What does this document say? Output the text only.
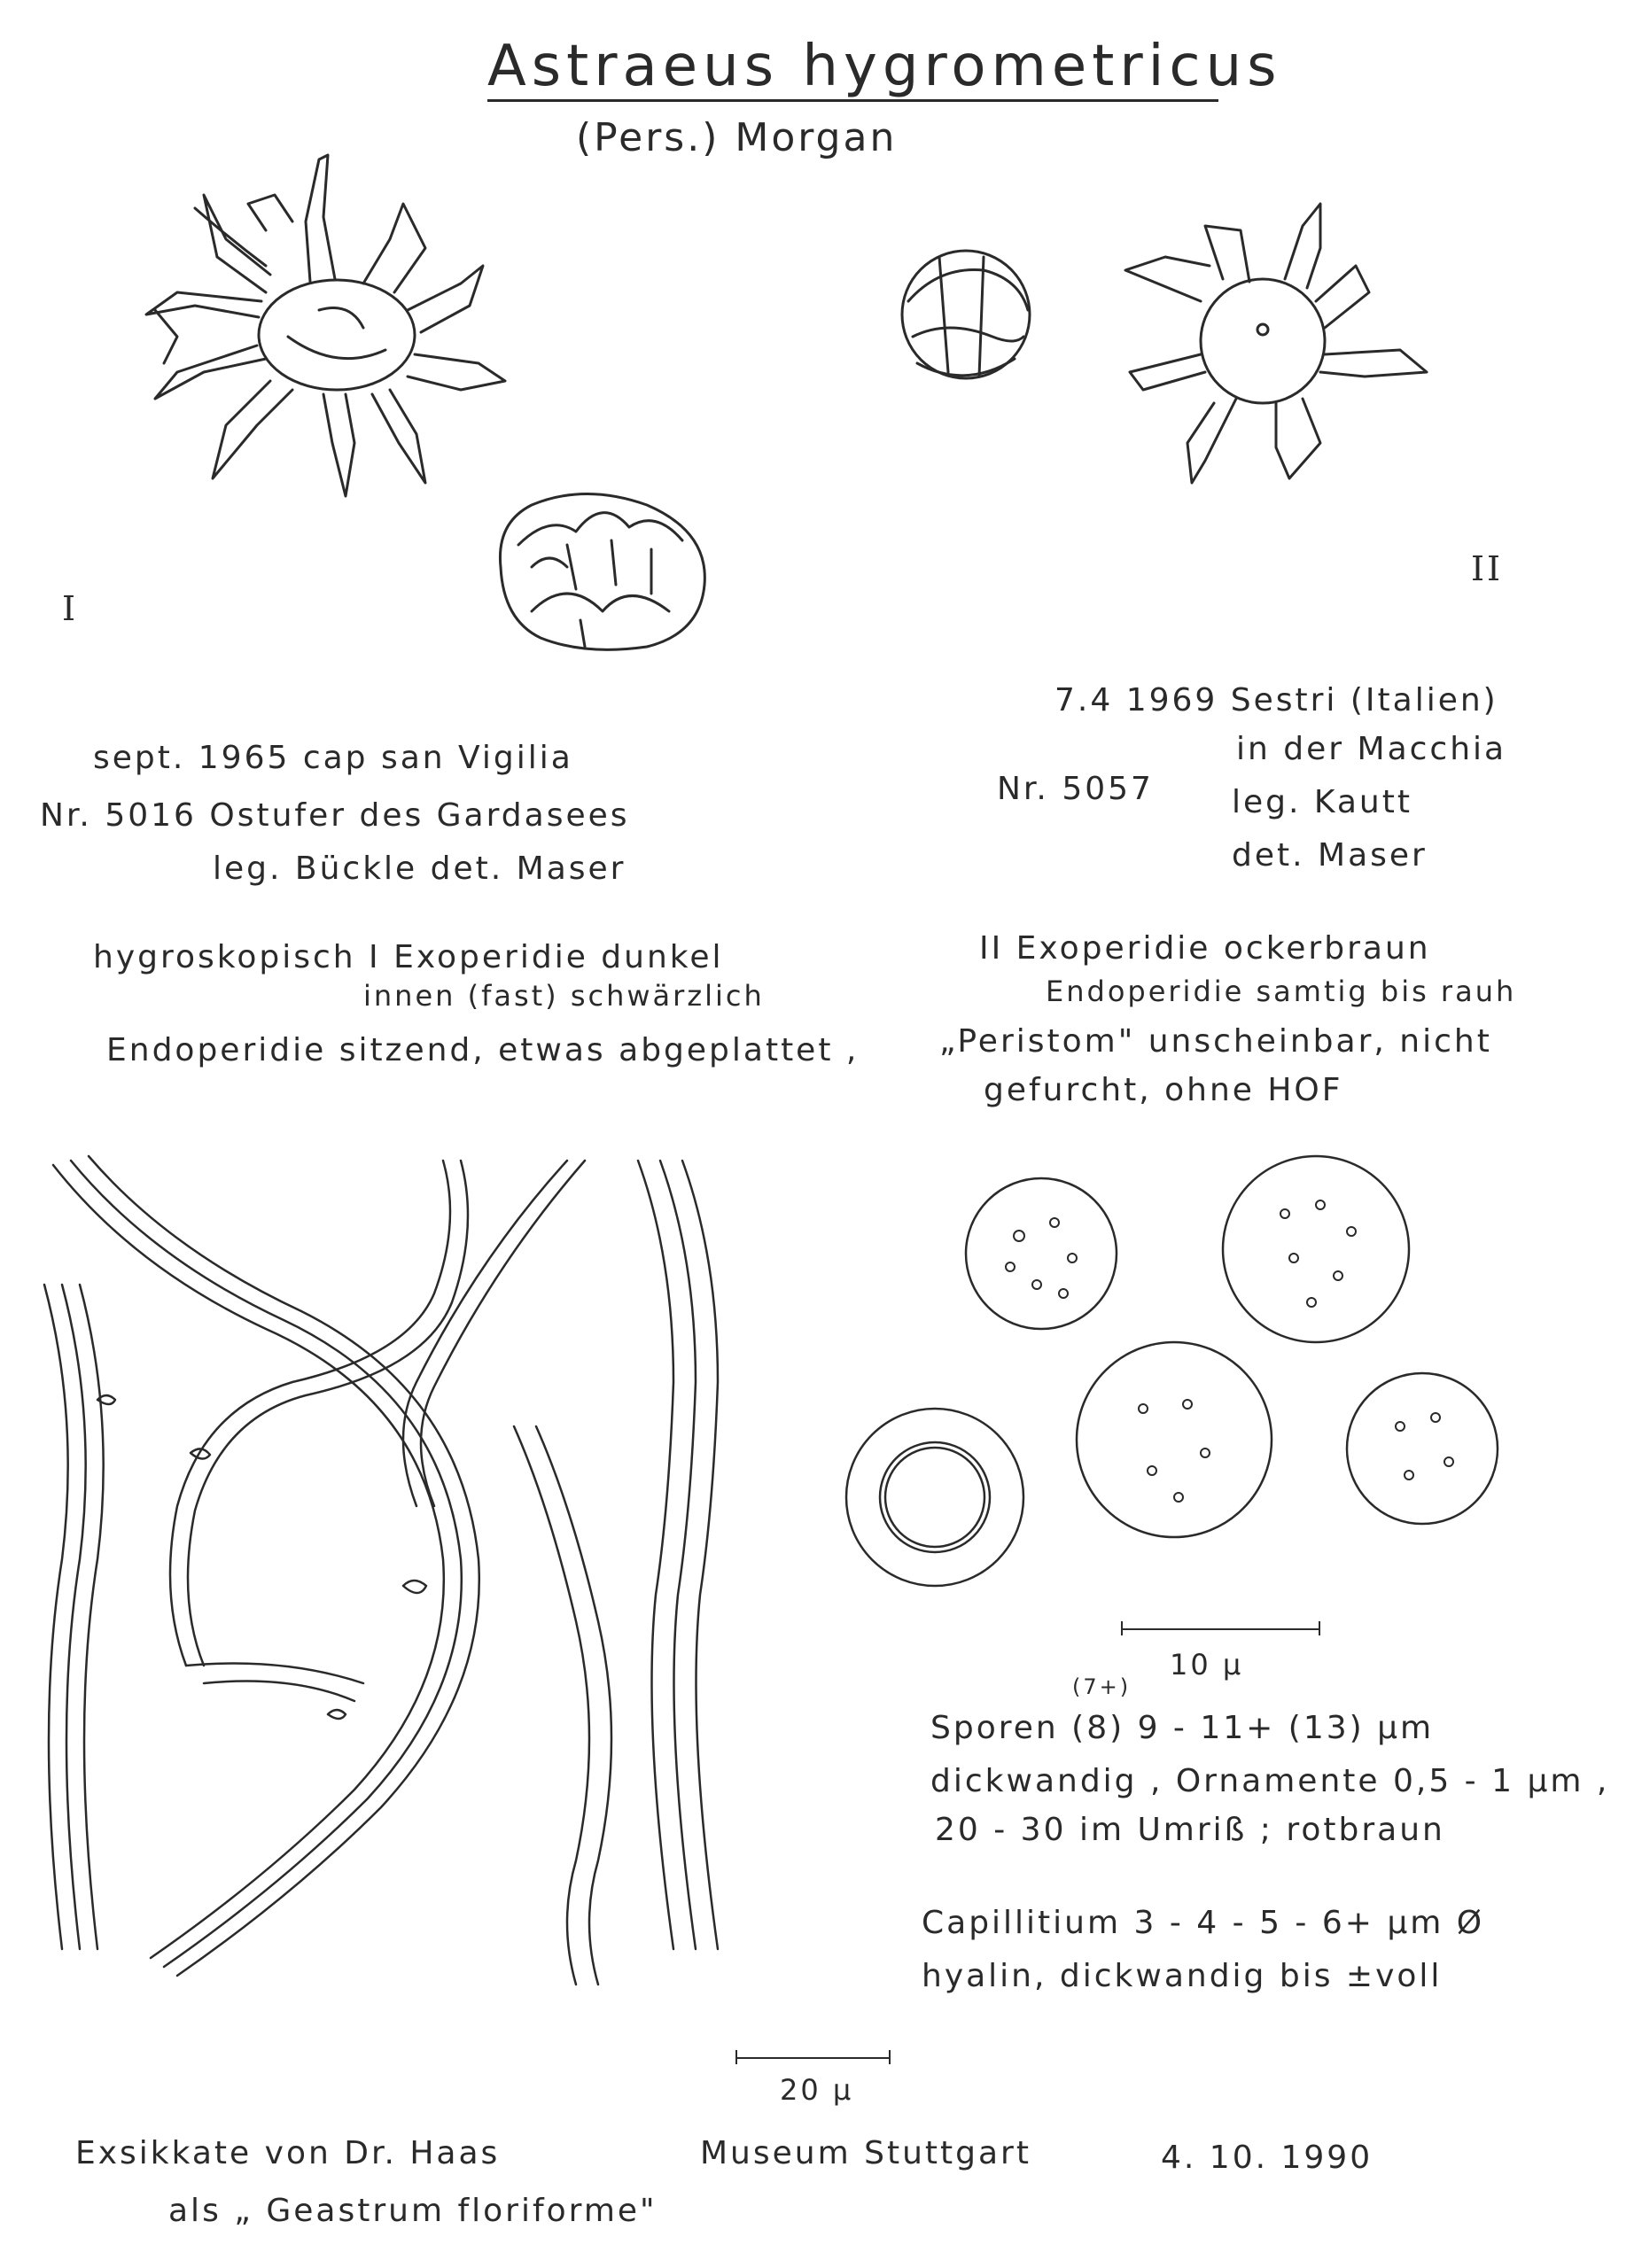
Astraeus hygrometricus
(Pers.) Morgan
I
II
sept. 1965 cap san Vigilia
Nr. 5016 Ostufer des Gardasees
leg. Bückle det. Maser
7.4 1969 Sestri (Italien)
in der Macchia
Nr. 5057 leg. Kautt
det. Maser
hygroskopisch I Exoperidie dunkel	II Exoperidie ockerbraun
innen (fast) schwärzlich	Endoperidie samtig bis rauh
Endoperidie sitzend, etwas abgeplattet ,	„Peristom" unscheinbar, nicht
gefurcht, ohne HOF
10 µ
(7+)
Sporen (8) 9 - 11+ (13) µm
dickwandig , Ornamente 0,5 - 1 µm ,
20 - 30 im Umriß ; rotbraun
Capillitium 3 - 4 - 5 - 6+ µm Ø
hyalin, dickwandig bis ±voll
20 µ
Exsikkate von Dr. Haas	Museum Stuttgart	4. 10. 1990
als „ Geastrum floriforme"
